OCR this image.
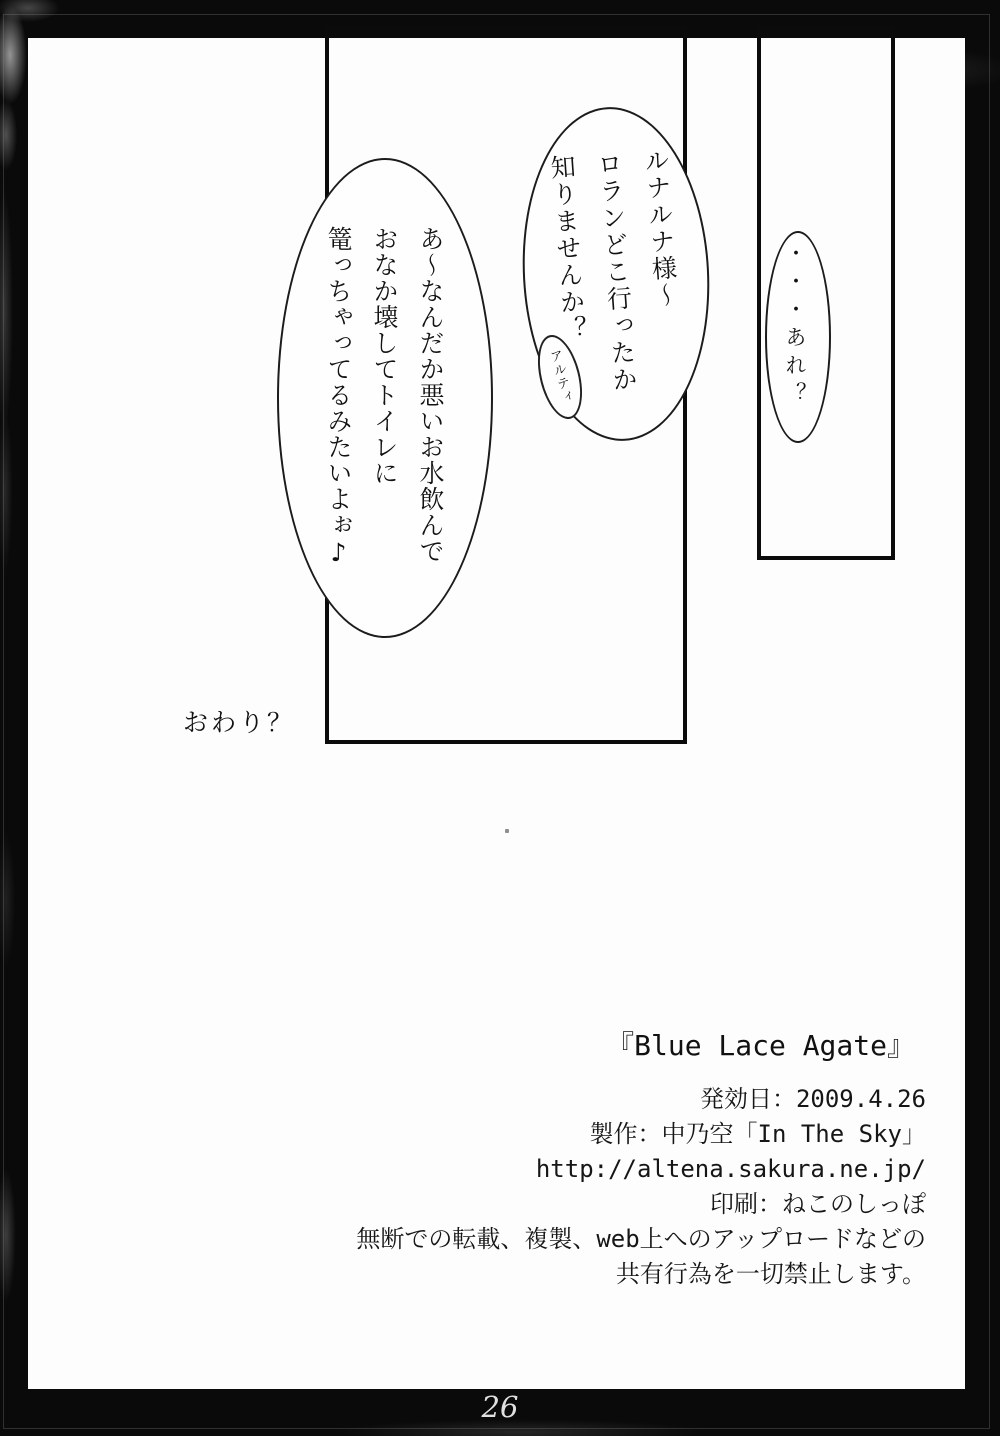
あ〜なんだか悪いお水飲んで
おなか壊してトイレに
篭っちゃってるみたいよぉ♪	ルナルナ様〜
ロランどこ行ったか
知りませんか？
アルティ	・・・あれ？
おわり？
『Blue Lace Agate』

発効日：2009.4.26

製作：中乃空「In The Sky」

http://altena.sakura.ne.jp/

印刷：ねこのしっぽ

無断での転載、複製、web上へのアップロードなどの

共有行為を一切禁止します。

26
